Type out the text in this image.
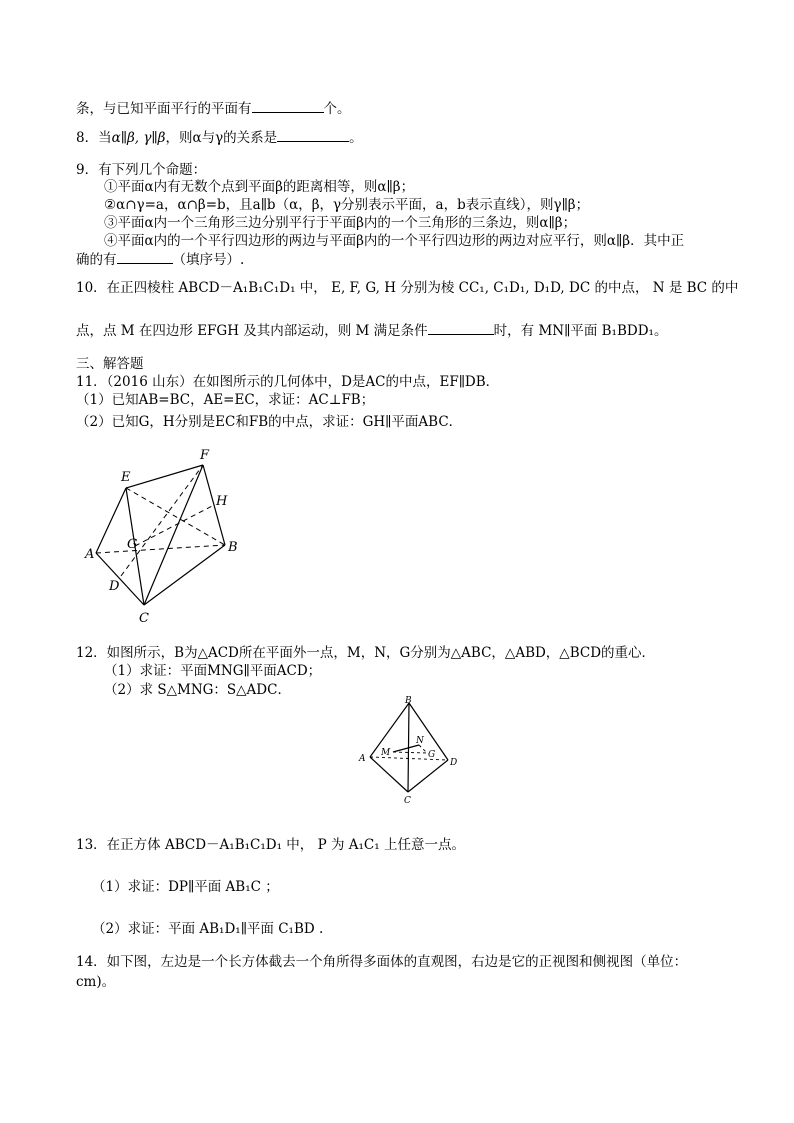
条，与已知平面平行的平面有	个。
8．当α∥β, γ∥β，则α与γ的关系是	。
9．有下列几个命题：
①平面α内有无数个点到平面β的距离相等，则α∥β；
②α∩γ=a，α∩β=b，且a∥b（α，β，γ分别表示平面，a，b表示直线），则γ∥β；
③平面α内一个三角形三边分别平行于平面β内的一个三角形的三条边，则α∥β；
④平面α内的一个平行四边形的两边与平面β内的一个平行四边形的两边对应平行，则α∥β．其中正
确的有	（填序号）.
10．在正四棱柱 ABCD－A₁B₁C₁D₁ 中， E, F, G, H 分别为棱 CC₁, C₁D₁, D₁D, DC 的中点， N 是 BC 的中
点，点 M 在四边形 EFGH 及其内部运动，则 M 满足条件	时，有 MN∥平面 B₁BDD₁。
三、解答题
11．（2016 山东）在如图所示的几何体中，D是AC的中点，EF∥DB．
（1）已知AB=BC，AE=EC，求证：AC⊥FB；
（2）已知G，H分别是EC和FB的中点，求证：GH∥平面ABC．
F
E
H
G
A	B
D
C
12．如图所示，B为△ACD所在平面外一点，M，N，G分别为△ABC，△ABD，△BCD的重心．
（1）求证：平面MNG∥平面ACD；
（2）求 S△MNG：S△ADC．
B
A	D
C
M
N
G
13．在正方体 ABCD－A₁B₁C₁D₁ 中， P 为 A₁C₁ 上任意一点。
（1）求证：DP∥平面 AB₁C ；
（2）求证：平面 AB₁D₁∥平面 C₁BD .
14．如下图，左边是一个长方体截去一个角所得多面体的直观图，右边是它的正视图和侧视图（单位：
cm)。
